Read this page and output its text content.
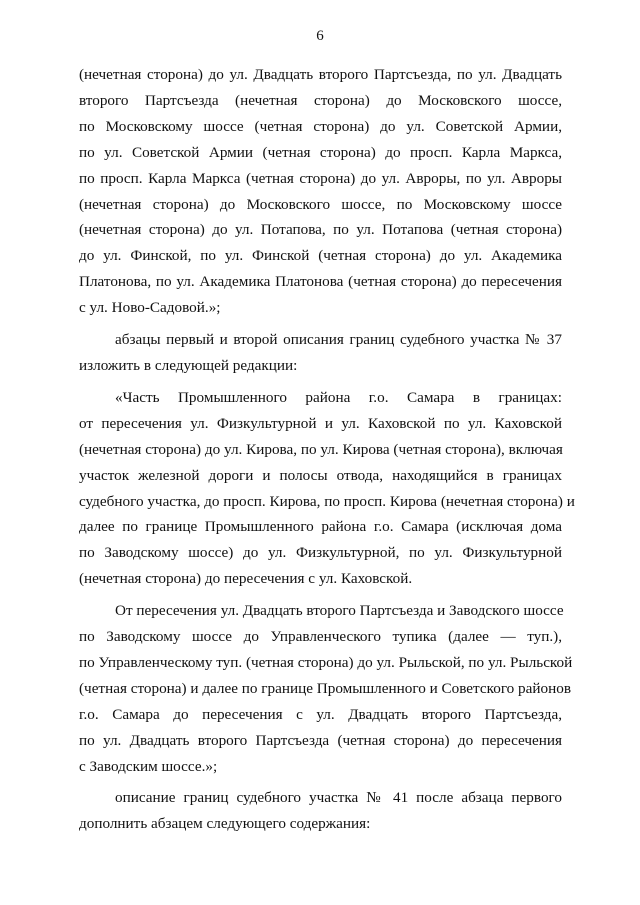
6

(нечетная сторона) до ул. Двадцать второго Партсъезда, по ул. Двадцать
второго Партсъезда (нечетная сторона) до Московского шоссе,
по Московскому шоссе (четная сторона) до ул. Советской Армии,
по ул. Советской Армии (четная сторона) до просп. Карла Маркса,
по просп. Карла Маркса (четная сторона) до ул. Авроры, по ул. Авроры
(нечетная сторона) до Московского шоссе, по Московскому шоссе
(нечетная сторона) до ул. Потапова, по ул. Потапова (четная сторона)
до ул. Финской, по ул. Финской (четная сторона) до ул. Академика
Платонова, по ул. Академика Платонова (четная сторона) до пересечения
с ул. Ново-Садовой.»;

абзацы первый и второй описания границ судебного участка № 37
изложить в следующей редакции:

«Часть Промышленного района г.о. Самара в границах:
от пересечения ул. Физкультурной и ул. Каховской по ул. Каховской
(нечетная сторона) до ул. Кирова, по ул. Кирова (четная сторона), включая
участок железной дороги и полосы отвода, находящийся в границах
судебного участка, до просп. Кирова, по просп. Кирова (нечетная сторона) и
далее по границе Промышленного района г.о. Самара (исключая дома
по Заводскому шоссе) до ул. Физкультурной, по ул. Физкультурной
(нечетная сторона) до пересечения с ул. Каховской.

От пересечения ул. Двадцать второго Партсъезда и Заводского шоссе
по Заводскому шоссе до Управленческого тупика (далее — туп.),
по Управленческому туп. (четная сторона) до ул. Рыльской, по ул. Рыльской
(четная сторона) и далее по границе Промышленного и Советского районов
г.о. Самара до пересечения с ул. Двадцать второго Партсъезда,
по ул. Двадцать второго Партсъезда (четная сторона) до пересечения
с Заводским шоссе.»;

описание границ судебного участка № 41 после абзаца первого
дополнить абзацем следующего содержания:
